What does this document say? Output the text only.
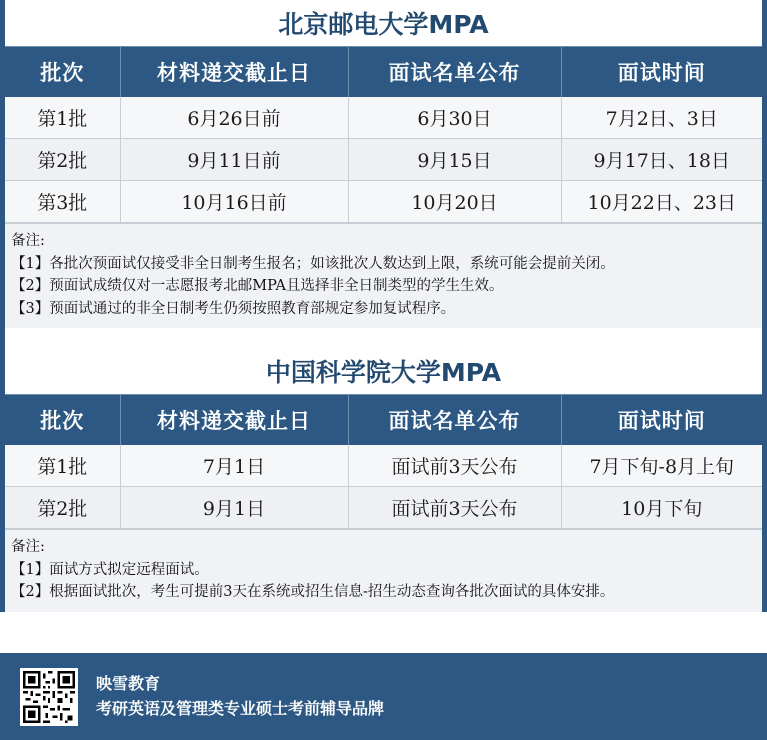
北京邮电大学MPA
批次	材料递交截止日	面试名单公布	面试时间
第1批	6月26日前	6月30日	7月2日、3日
第2批	9月11日前	9月15日	9月17日、18日
第3批	10月16日前	10月20日	10月22日、23日
备注:
【1】各批次预面试仅接受非全日制考生报名；如该批次人数达到上限，系统可能会提前关闭。
【2】预面试成绩仅对一志愿报考北邮MPA且选择非全日制类型的学生生效。
【3】预面试通过的非全日制考生仍须按照教育部规定参加复试程序。
中国科学院大学MPA
批次	材料递交截止日	面试名单公布	面试时间
第1批	7月1日	面试前3天公布	7月下旬-8月上旬
第2批	9月1日	面试前3天公布	10月下旬
备注:
【1】面试方式拟定远程面试。
【2】根据面试批次，考生可提前3天在系统或招生信息-招生动态查询各批次面试的具体安排。
映雪教育
考研英语及管理类专业硕士考前辅导品牌
